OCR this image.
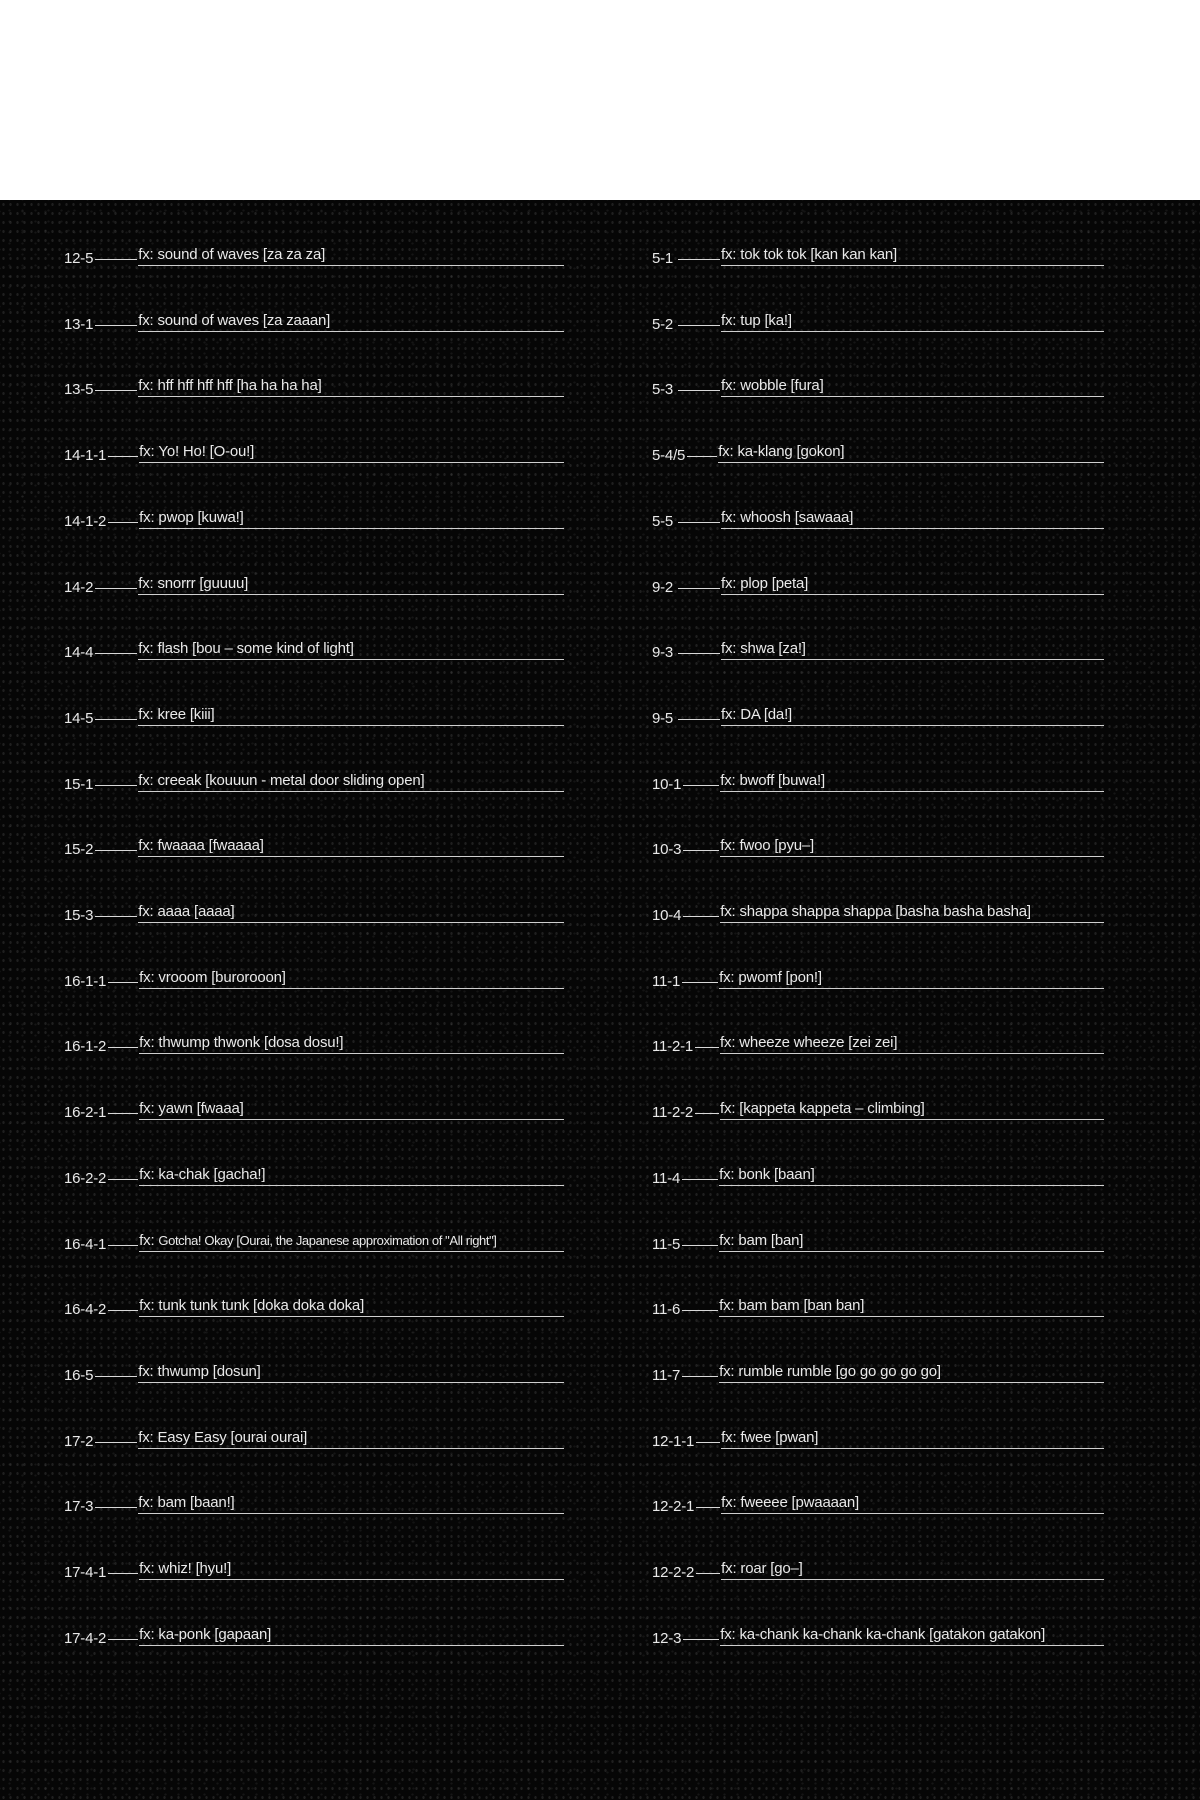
12-5	fx: sound of waves [za za za]
13-1	fx: sound of waves [za zaaan]
13-5	fx: hff hff hff hff [ha ha ha ha]
14-1-1 fx: Yo! Ho! [O-ou!]
14-1-2 fx: pwop [kuwa!]
14-2	fx: snorrr [guuuu]
14-4	fx: flash [bou – some kind of light]
14-5	fx: kree [kiii]
15-1	fx: creeak [kouuun - metal door sliding open]
15-2	fx: fwaaaa [fwaaaa]
15-3	fx: aaaa [aaaa]
16-1-1 fx: vrooom [burorooon]
16-1-2 fx: thwump thwonk [dosa dosu!]
16-2-1 fx: yawn [fwaaa]
16-2-2 fx: ka-chak [gacha!]
16-4-1 fx: Gotcha! Okay [Ourai, the Japanese approximation of "All right"]
16-4-2 fx: tunk tunk tunk [doka doka doka]
16-5	fx: thwump [dosun]
17-2	fx: Easy Easy [ourai ourai]
17-3	fx: bam [baan!]
17-4-1 fx: whiz! [hyu!]
17-4-2 fx: ka-ponk [gapaan]
5-1	fx: tok tok tok [kan kan kan]
5-2	fx: tup [ka!]
5-3	fx: wobble [fura]
5-4/5 fx: ka-klang [gokon]
5-5	fx: whoosh [sawaaa]
9-2	fx: plop [peta]
9-3	fx: shwa [za!]
9-5	fx: DA [da!]
10-1	fx: bwoff [buwa!]
10-3	fx: fwoo [pyu–]
10-4	fx: shappa shappa shappa [basha basha basha]
11-1	fx: pwomf [pon!]
11-2-1 fx: wheeze wheeze [zei zei]
11-2-2 fx: [kappeta kappeta – climbing]
11-4	fx: bonk [baan]
11-5	fx: bam [ban]
11-6	fx: bam bam [ban ban]
11-7	fx: rumble rumble [go go go go go]
12-1-1 fx: fwee [pwan]
12-2-1 fx: fweeee [pwaaaan]
12-2-2 fx: roar [go–]
12-3	fx: ka-chank ka-chank ka-chank [gatakon gatakon]
